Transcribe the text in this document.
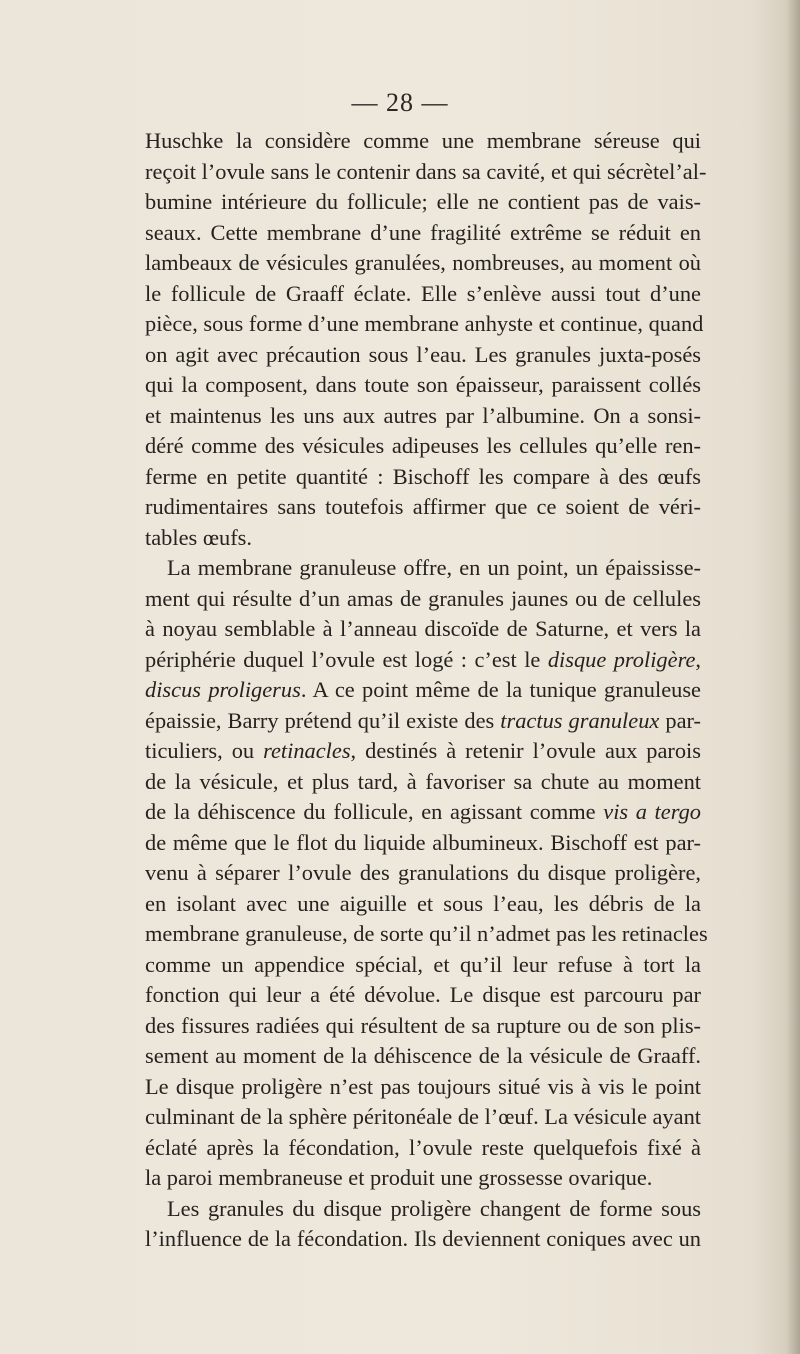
— 28 —
Huschke la considère comme une membrane séreuse qui
reçoit l’ovule sans le contenir dans sa cavité, et qui sécrètel’al-
bumine intérieure du follicule; elle ne contient pas de vais-
seaux. Cette membrane d’une fragilité extrême se réduit en
lambeaux de vésicules granulées, nombreuses, au moment où
le follicule de Graaff éclate. Elle s’enlève aussi tout d’une
pièce, sous forme d’une membrane anhyste et continue, quand
on agit avec précaution sous l’eau. Les granules juxta-posés
qui la composent, dans toute son épaisseur, paraissent collés
et maintenus les uns aux autres par l’albumine. On a sonsi-
déré comme des vésicules adipeuses les cellules qu’elle ren-
ferme en petite quantité : Bischoff les compare à des œufs
rudimentaires sans toutefois affirmer que ce soient de véri-
tables œufs.
La membrane granuleuse offre, en un point, un épaississe-
ment qui résulte d’un amas de granules jaunes ou de cellules
à noyau semblable à l’anneau discoïde de Saturne, et vers la
périphérie duquel l’ovule est logé : c’est le disque proligère,
discus proligerus. A ce point même de la tunique granuleuse
épaissie, Barry prétend qu’il existe des tractus granuleux par-
ticuliers, ou retinacles, destinés à retenir l’ovule aux parois
de la vésicule, et plus tard, à favoriser sa chute au moment
de la déhiscence du follicule, en agissant comme vis a tergo
de même que le flot du liquide albumineux. Bischoff est par-
venu à séparer l’ovule des granulations du disque proligère,
en isolant avec une aiguille et sous l’eau, les débris de la
membrane granuleuse, de sorte qu’il n’admet pas les retinacles
comme un appendice spécial, et qu’il leur refuse à tort la
fonction qui leur a été dévolue. Le disque est parcouru par
des fissures radiées qui résultent de sa rupture ou de son plis-
sement au moment de la déhiscence de la vésicule de Graaff.
Le disque proligère n’est pas toujours situé vis à vis le point
culminant de la sphère péritonéale de l’œuf. La vésicule ayant
éclaté après la fécondation, l’ovule reste quelquefois fixé à
la paroi membraneuse et produit une grossesse ovarique.
Les granules du disque proligère changent de forme sous
l’influence de la fécondation. Ils deviennent coniques avec un
